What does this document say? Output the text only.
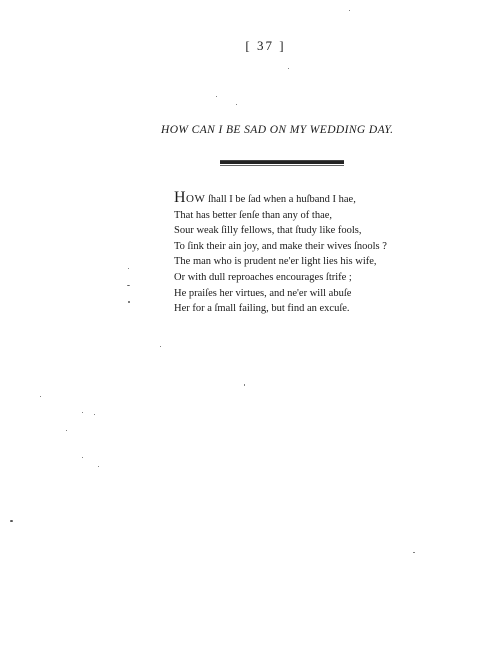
[ 37 ]
HOW CAN I BE SAD ON MY WEDDING DAY.
How ſhall I be ſad when a huſband I hae,
That has better ſenſe than any of thae,
Sour weak ſilly fellows, that ſtudy like fools,
To ſink their ain joy, and make their wives ſnools ?
The man who is prudent ne'er light lies his wife,
Or with dull reproaches encourages ſtrife ;
He praiſes her virtues, and ne'er will abuſe
Her for a ſmall failing, but find an excuſe.
